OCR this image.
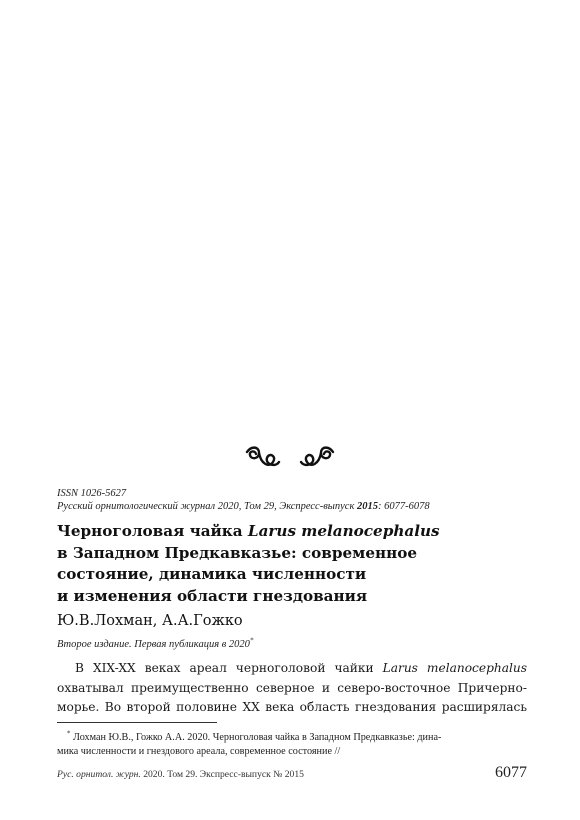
ISSN 1026-5627
Русский орнитологический журнал 2020, Том 29, Экспресс-выпуск 2015: 6077-6078
Черноголовая чайка Larus melanocephalus
в Западном Предкавказье: современное
состояние, динамика численности
и изменения области гнездования
Ю.В.Лохман, А.А.Гожко
Второе издание. Первая публикация в 2020*
В XIX-XX веках ареал черноголовой чайки Larus melanocephalus
охватывал преимущественно северное и северо-восточное Причерно-
морье. Во второй половине XX века область гнездования расширялась
* Лохман Ю.В., Гожко А.А. 2020. Черноголовая чайка в Западном Предкавказье: дина-
мика численности и гнездового ареала, современное состояние //
Рус. орнитол. журн. 2020. Том 29. Экспресс-выпуск № 2015	6077
